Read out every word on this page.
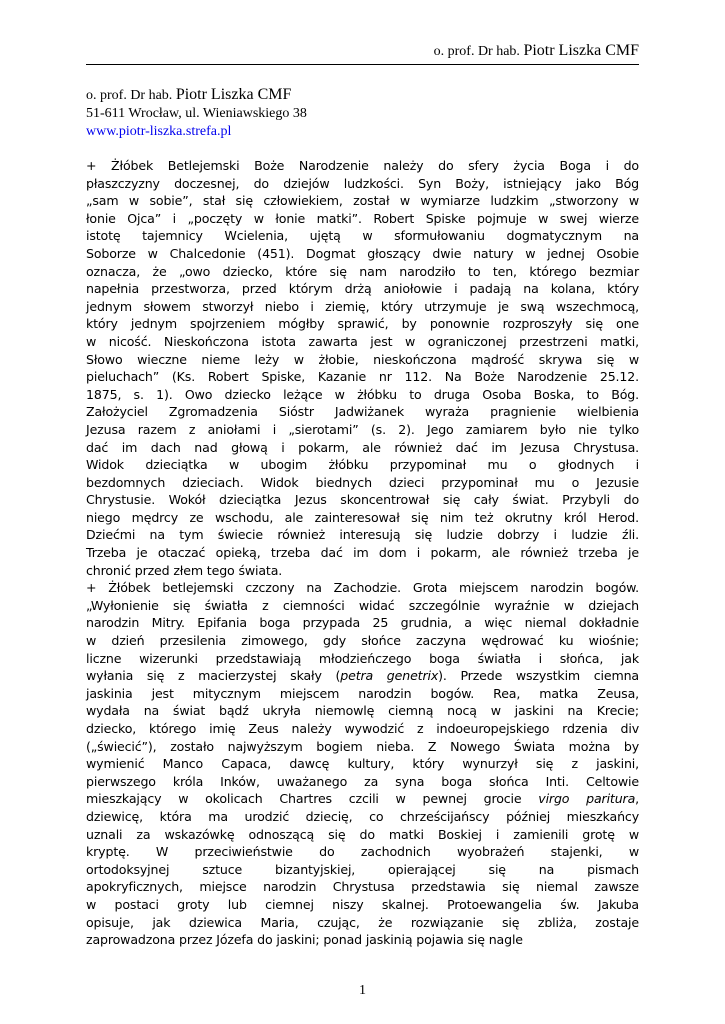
o. prof. Dr hab. Piotr Liszka CMF
o. prof. Dr hab. Piotr Liszka CMF
51-611 Wrocław, ul. Wieniawskiego 38
www.piotr-liszka.strefa.pl
+ Żłóbek Betlejemski Boże Narodzenie należy do sfery życia Boga i do
płaszczyzny doczesnej, do dziejów ludzkości. Syn Boży, istniejący jako Bóg
„sam w sobie”, stał się człowiekiem, został w wymiarze ludzkim „stworzony w
łonie Ojca” i „poczęty w łonie matki”. Robert Spiske pojmuje w swej wierze
istotę tajemnicy Wcielenia, ujętą w sformułowaniu dogmatycznym na
Soborze w Chalcedonie (451). Dogmat głoszący dwie natury w jednej Osobie
oznacza, że „owo dziecko, które się nam narodziło to ten, którego bezmiar
napełnia przestworza, przed którym drżą aniołowie i padają na kolana, który
jednym słowem stworzył niebo i ziemię, który utrzymuje je swą wszechmocą,
który jednym spojrzeniem mógłby sprawić, by ponownie rozproszyły się one
w nicość. Nieskończona istota zawarta jest w ograniczonej przestrzeni matki,
Słowo wieczne nieme leży w żłobie, nieskończona mądrość skrywa się w
pieluchach” (Ks. Robert Spiske, Kazanie nr 112. Na Boże Narodzenie 25.12.
1875, s. 1). Owo dziecko leżące w żłóbku to druga Osoba Boska, to Bóg.
Założyciel Zgromadzenia Sióstr Jadwiżanek wyraża pragnienie wielbienia
Jezusa razem z aniołami i „sierotami” (s. 2). Jego zamiarem było nie tylko
dać im dach nad głową i pokarm, ale również dać im Jezusa Chrystusa.
Widok dzieciątka w ubogim żłóbku przypominał mu o głodnych i
bezdomnych dzieciach. Widok biednych dzieci przypominał mu o Jezusie
Chrystusie. Wokół dzieciątka Jezus skoncentrował się cały świat. Przybyli do
niego mędrcy ze wschodu, ale zainteresował się nim też okrutny król Herod.
Dziećmi na tym świecie również interesują się ludzie dobrzy i ludzie źli.
Trzeba je otaczać opieką, trzeba dać im dom i pokarm, ale również trzeba je
chronić przed złem tego świata.
+ Żłóbek betlejemski czczony na Zachodzie. Grota miejscem narodzin bogów.
„Wyłonienie się światła z ciemności widać szczególnie wyraźnie w dziejach
narodzin Mitry. Epifania boga przypada 25 grudnia, a więc niemal dokładnie
w dzień przesilenia zimowego, gdy słońce zaczyna wędrować ku wiośnie;
liczne wizerunki przedstawiają młodzieńczego boga światła i słońca, jak
wyłania się z macierzystej skały (petra genetrix). Przede wszystkim ciemna
jaskinia jest mitycznym miejscem narodzin bogów. Rea, matka Zeusa,
wydała na świat bądź ukryła niemowlę ciemną nocą w jaskini na Krecie;
dziecko, którego imię Zeus należy wywodzić z indoeuropejskiego rdzenia div
(„świecić”), zostało najwyższym bogiem nieba. Z Nowego Świata można by
wymienić Manco Capaca, dawcę kultury, który wynurzył się z jaskini,
pierwszego króla Inków, uważanego za syna boga słońca Inti. Celtowie
mieszkający w okolicach Chartres czcili w pewnej grocie virgo paritura,
dziewicę, która ma urodzić dziecię, co chrześcijańscy później mieszkańcy
uznali za wskazówkę odnoszącą się do matki Boskiej i zamienili grotę w
kryptę. W przeciwieństwie do zachodnich wyobrażeń stajenki, w
ortodoksyjnej sztuce bizantyjskiej, opierającej się na pismach
apokryficznych, miejsce narodzin Chrystusa przedstawia się niemal zawsze
w postaci groty lub ciemnej niszy skalnej. Protoewangelia św. Jakuba
opisuje, jak dziewica Maria, czując, że rozwiązanie się zbliża, zostaje
zaprowadzona przez Józefa do jaskini; ponad jaskinią pojawia się nagle
1
